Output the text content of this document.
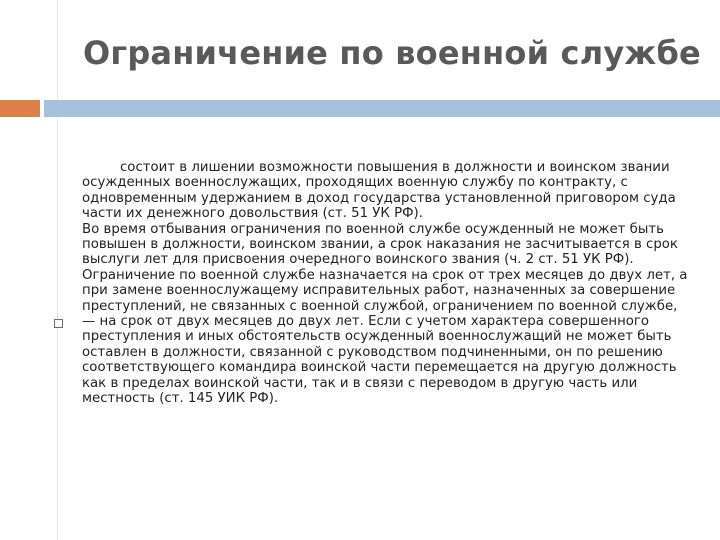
Ограничение по военной службе
состоит в лишении возможности повышения в должности и воинском звании осужденных военнослужащих, проходящих военную службу по контракту, с одновременным удержанием в доход государства установленной приговором суда части их денежного довольствия (ст. 51 УК РФ).
Во время отбывания ограничения по военной службе осужденный не может быть повышен в должности, воинском звании, а срок наказания не засчитывается в срок выслуги лет для присвоения очередного воинского звания (ч. 2 ст. 51 УК РФ). Ограничение по военной службе назначается на срок от трех месяцев до двух лет, а при замене военнослужащему исправительных работ, назначенных за совершение преступлений, не связанных с военной службой, ограничением по военной службе, — на срок от двух месяцев до двух лет. Если с учетом характера совершенного преступления и иных обстоятельств осужденный военнослужащий не может быть оставлен в должности, связанной с руководством подчиненными, он по решению соответствующего командира воинской части перемещается на другую должность как в пределах воинской части, так и в связи с переводом в другую часть или местность (ст. 145 УИК РФ).
